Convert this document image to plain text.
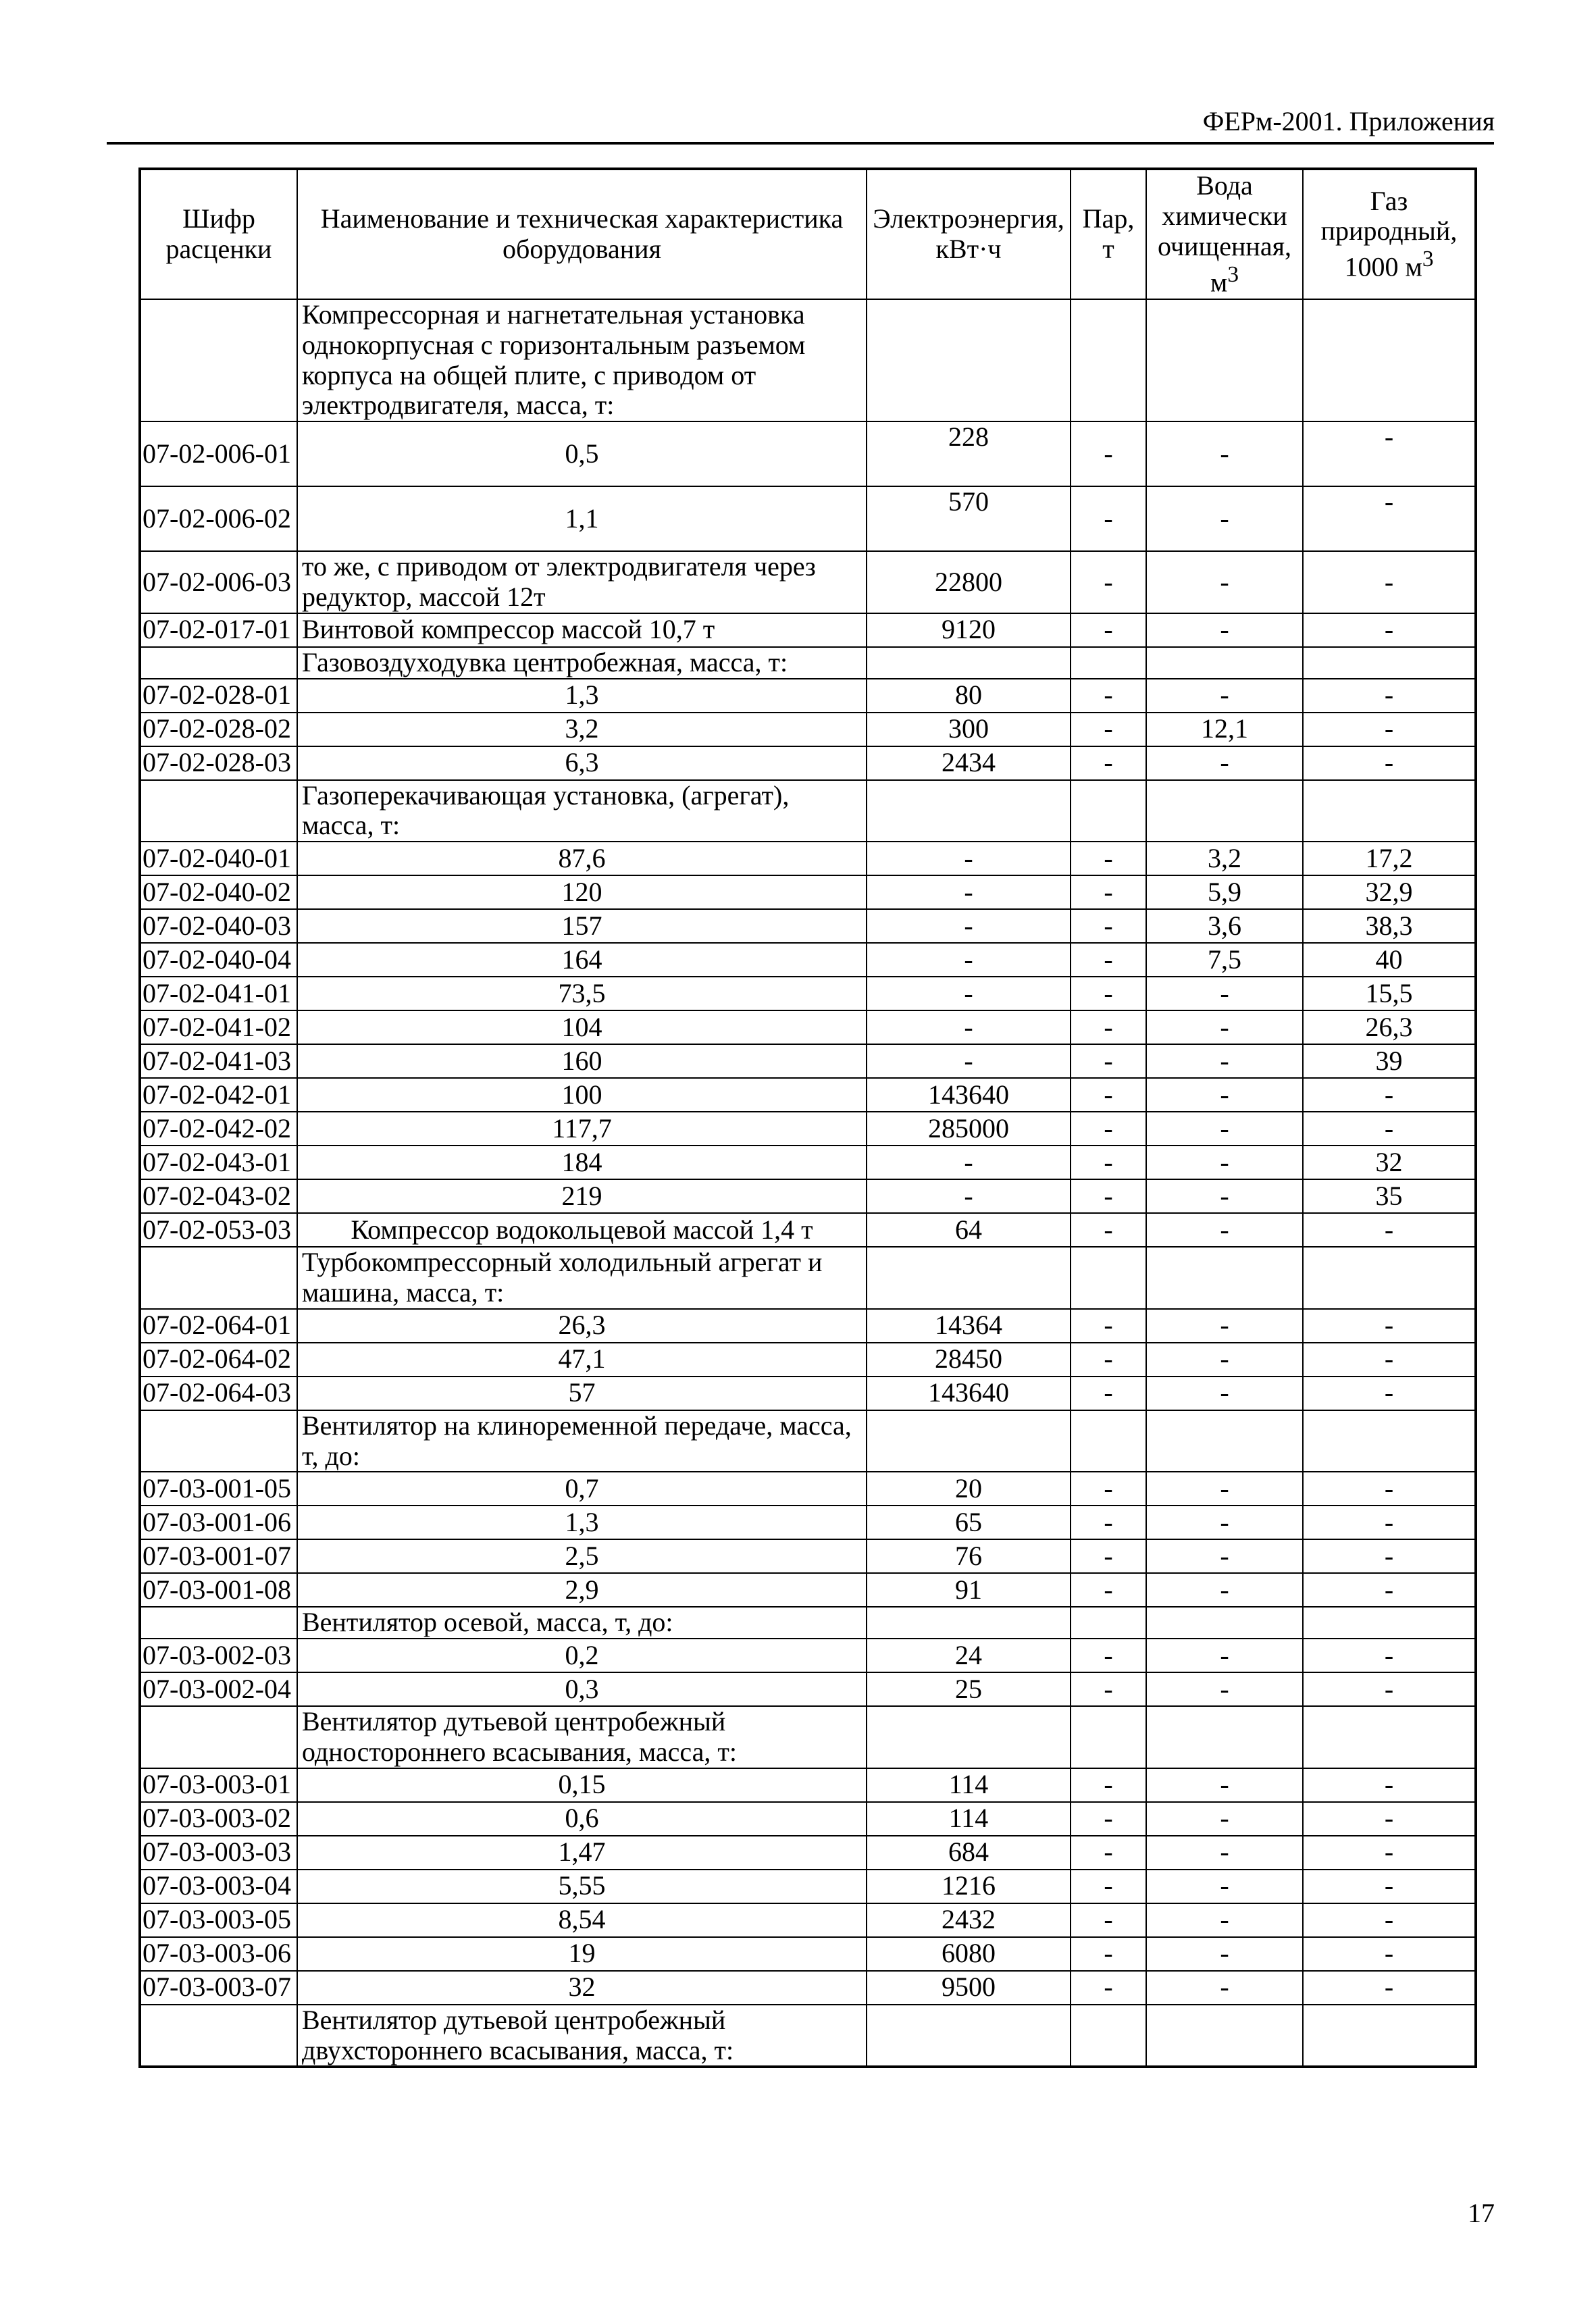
ФЕРм-2001. Приложения
Шифр расценки	Наименование и техническая характеристика оборудования	Электроэнергия, кВт·ч	Пар, т	Вода химически очищенная, $м^3$	Газ природный, 1000 $м^3$
	Компрессорная и нагнетательная установка однокорпусная с горизонтальным разъемом корпуса на общей плите, с приводом от электродвигателя, масса, т:				
07-02-006-01	0,5	228	-	-	-
07-02-006-02	1,1	570	-	-	-
07-02-006-03	то же, с приводом от электродвигателя через редуктор, массой 12т	22800	-	-	-
07-02-017-01	Винтовой компрессор массой 10,7 т	9120	-	-	-
	Газовоздуходувка центробежная, масса, т:				
07-02-028-01	1,3	80	-	-	-
07-02-028-02	3,2	300	-	12,1	-
07-02-028-03	6,3	2434	-	-	-
	Газоперекачивающая установка, (агрегат), масса, т:				
07-02-040-01	87,6	-	-	3,2	17,2
07-02-040-02	120	-	-	5,9	32,9
07-02-040-03	157	-	-	3,6	38,3
07-02-040-04	164	-	-	7,5	40
07-02-041-01	73,5	-	-	-	15,5
07-02-041-02	104	-	-	-	26,3
07-02-041-03	160	-	-	-	39
07-02-042-01	100	143640	-	-	-
07-02-042-02	117,7	285000	-	-	-
07-02-043-01	184	-	-	-	32
07-02-043-02	219	-	-	-	35
07-02-053-03	Компрессор водокольцевой массой 1,4 т	64	-	-	-
	Турбокомпрессорный холодильный агрегат и машина, масса, т:				
07-02-064-01	26,3	14364	-	-	-
07-02-064-02	47,1	28450	-	-	-
07-02-064-03	57	143640	-	-	-
	Вентилятор на клиноременной передаче, масса, т, до:				
07-03-001-05	0,7	20	-	-	-
07-03-001-06	1,3	65	-	-	-
07-03-001-07	2,5	76	-	-	-
07-03-001-08	2,9	91	-	-	-
	Вентилятор осевой, масса, т, до:				
07-03-002-03	0,2	24	-	-	-
07-03-002-04	0,3	25	-	-	-
	Вентилятор дутьевой центробежный одностороннего всасывания, масса, т:				
07-03-003-01	0,15	114	-	-	-
07-03-003-02	0,6	114	-	-	-
07-03-003-03	1,47	684	-	-	-
07-03-003-04	5,55	1216	-	-	-
07-03-003-05	8,54	2432	-	-	-
07-03-003-06	19	6080	-	-	-
07-03-003-07	32	9500	-	-	-
	Вентилятор дутьевой центробежный двухстороннего всасывания, масса, т:				
17
